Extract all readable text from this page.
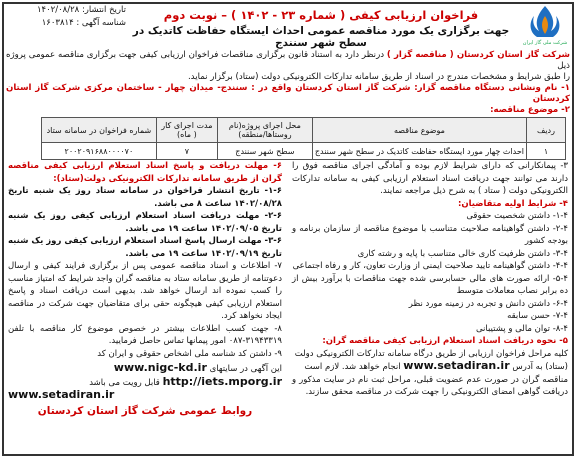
شرکت ملی گاز ایران
تاریخ انتشار: ۱۴۰۲/۰۸/۲۸
شناسه آگهی : ۱۶۰۳۸۱۴
فراخوان ارزیابی کیفی ( شماره ۲۳ - ۱۴۰۲ ) – نوبت دوم
جهت برگزاری یک مورد مناقصه عمومی احداث ایستگاه حفاظت کاتدیک در سطح شهر سنندج

شرکت گاز استان کردستان ( مناقصه گزار ) درنظر دارد به استناد قانون برگزاری مناقصات فراخوان ارزیابی کیفی جهت برگزاری مناقصه عمومی پروژه ذیل

را طبق شرایط و مشخصات مندرج در اسناد از طریق سامانه تدارکات الکترونیکی دولت (ستاد) برگزار نماید.

۱- نام ونشانی دستگاه مناقصه گزار: شرکت گاز استان کردستان واقع در : سنندج- میدان چهار - ساختمان مرکزی شرکت گاز استان کردستان

۲- موضوع مناقصه:

ردیف	موضوع مناقصه	محل اجرای پروژه(نام روستاها/منطقه)	مدت اجرای کار ( ماه)	شماره فراخوان در سامانه ستاد
۱	احداث چهار مورد ایستگاه حفاظت کاتدیک در سطح شهر سنندج	سطح شهر سنندج	۷	۲۰۰۲۰۹۱۶۸۸۰۰۰۰۷۰
۳- پیمانکارانی که دارای شرایط لازم بوده و آمادگی اجرای مناقصه فوق را دارند می توانند جهت دریافت اسناد استعلام ارزیابی کیفی به سامانه تدارکات الکترونیکی دولت ( ستاد ) به شرح ذیل مراجعه نمایند.
۴- شرایط اولیه متقاضیان:
۱-۴- داشتن شخصیت حقوقی
۲-۴- داشتن گواهینامه صلاحیت متناسب با موضوع مناقصه از سازمان برنامه و بودجه کشور
۳-۴- داشتن ظرفیت کاری خالی متناسب با پایه و رشته کاری
۴-۴- داشتن گواهینامه تایید صلاحیت ایمنی از وزارت تعاون، کار و رفاه اجتماعی
۵-۴- ارائه صورت های مالی حسابرسی شده جهت مناقصات با برآورد بیش از ده برابر نصاب معاملات متوسط
۶-۴- داشتن دانش و تجربه در زمینه مورد نظر
۷-۴- حسن سابقه
۸-۴- توان مالی و پشتیبانی
۵- نحوه دریافت اسناد استعلام ارزیابی کیفی مناقصه گران:
کلیه مراحل فراخوان ارزیابی از طریق درگاه سامانه تدارکات الکترونیکی دولت
(ستاد) به آدرس www.setadiran.ir انجام خواهد شد. لازم است
مناقصه گران در صورت عدم عضویت قبلی، مراحل ثبت نام در سایت مذکور و دریافت گواهی امضای الکترونیکی را جهت شرکت در مناقصه محقق سازند.
۶- مهلت دریافت و پاسخ اسناد استعلام ارزیابی کیفی مناقصه گران از طریق سامانه تدارکات الکترونیکی دولت(ستاد):
۱-۶- تاریخ انتشار فراخوان در سامانه ستاد روز یک شنبه تاریخ ۱۴۰۲/۰۸/۲۸ ساعت ۸ می باشد.
۲-۶- مهلت دریافت اسناد استعلام ارزیابی کیفی روز یک شنبه تاریخ ۱۴۰۲/۰۹/۰۵ ساعت ۱۹ می باشد.
۳-۶- مهلت ارسال پاسخ اسناد استعلام ارزیابی کیفی روز یک شنبه تاریخ ۱۴۰۲/۰۹/۱۹ ساعت ۱۹ می باشد.
۷- اطلاعات و اسناد مناقصه عمومی پس از برگزاری فرایند کیفی و ارسال دعوتنامه از طریق سامانه ستاد به مناقصه گران واجد شرایط که امتیاز مناسب را کسب نموده اند ارسال خواهد شد. بدیهی است دریافت اسناد و پاسخ استعلام ارزیابی کیفی هیچگونه حقی برای متقاضیان جهت شرکت در مناقصه ایجاد نخواهد کرد.
۸- جهت کسب اطلاعات بیشتر در خصوص موضوع کار مناقصه با تلفن ۳۱۹۴۳۳۱۹-۰۸۷ امور پیمانها تماس حاصل فرمایید.
۹- داشتن کد شناسه ملی اشخاص حقوقی و ایران کد
این آگهی در سایتهای www.nigc-kd.ir
http://iets.mporg.ir قابل رویت می باشد
www.setadiran.ir
روابط عمومی شرکت گاز استان کردستان
